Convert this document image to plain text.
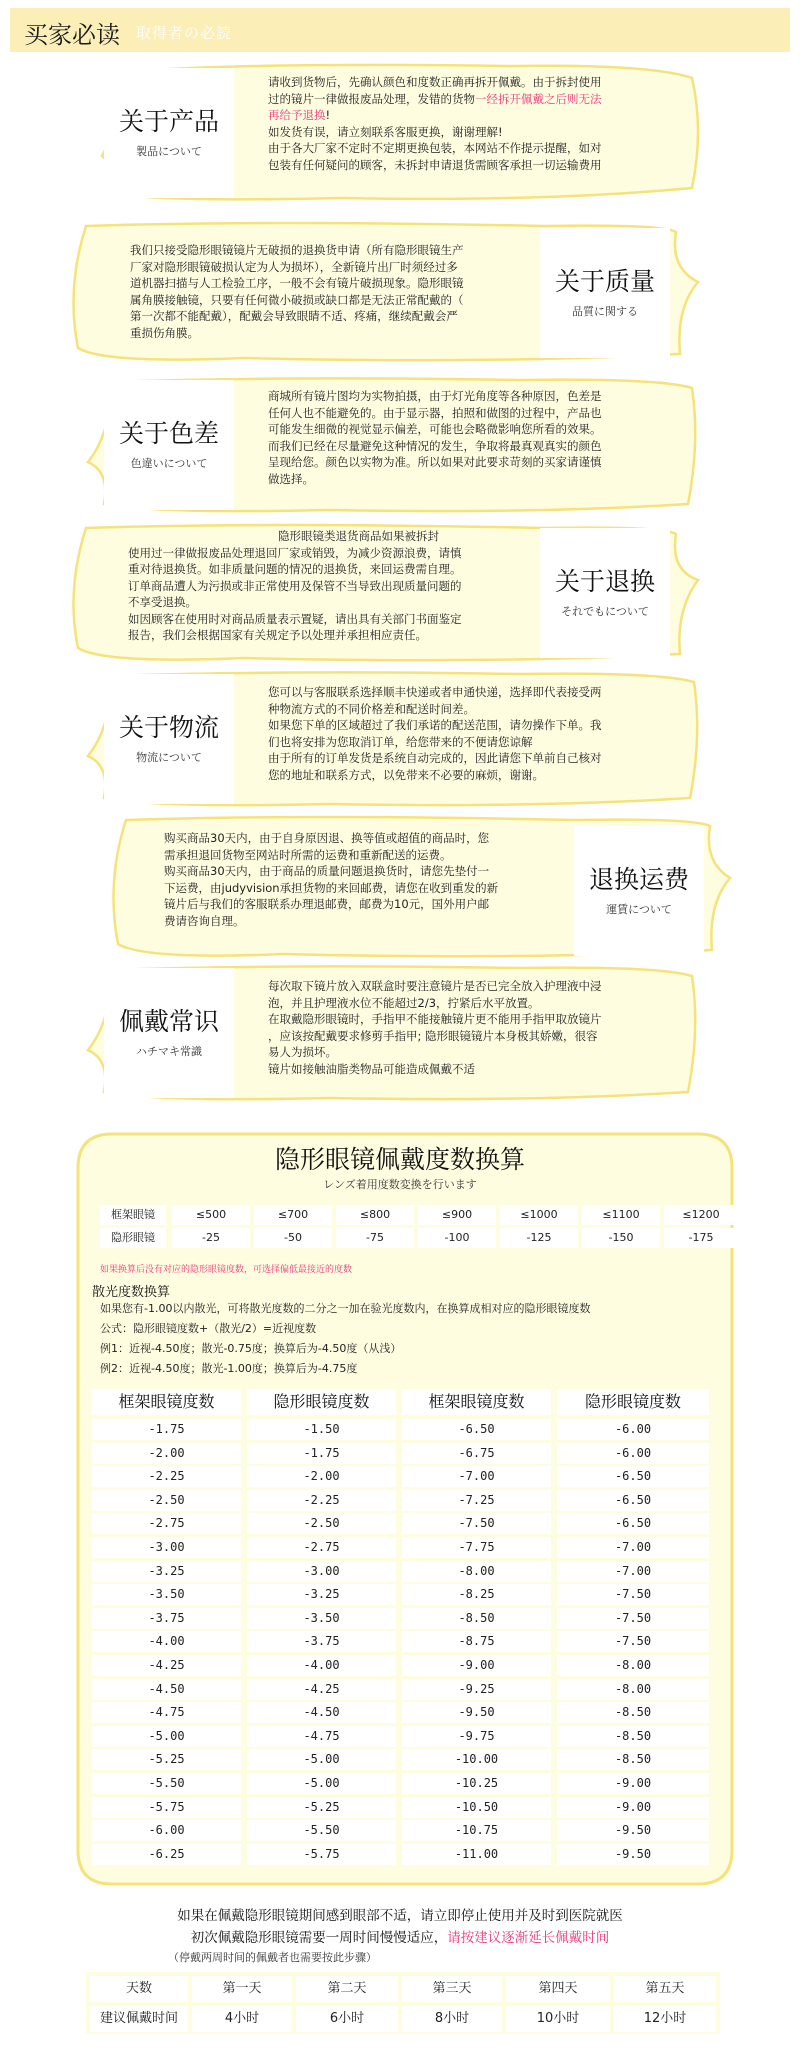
买家必读 取得者の必読
关于产品
製品について

请收到货物后，先确认颜色和度数正确再拆开佩戴。由于拆封使用

过的镜片一律做报废品处理，发错的货物一经拆开佩戴之后则无法

再给予退换!

如发货有误，请立刻联系客服更换，谢谢理解!

由于各大厂家不定时不定期更换包装，本网站不作提示提醒，如对

包装有任何疑问的顾客，未拆封申请退货需顾客承担一切运输费用

关于质量
品質に関する

我们只接受隐形眼镜镜片无破损的退换货申请（所有隐形眼镜生产

厂家对隐形眼镜破损认定为人为损坏），全新镜片出厂时须经过多

道机器扫描与人工检验工序，一般不会有镜片破损现象。隐形眼镜

属角膜接触镜，只要有任何微小破损或缺口都是无法正常配戴的（

第一次都不能配戴），配戴会导致眼睛不适、疼痛，继续配戴会严

重损伤角膜。

关于色差
色違いについて

商城所有镜片图均为实物拍摄，由于灯光角度等各种原因，色差是

任何人也不能避免的。由于显示器，拍照和做图的过程中，产品也

可能发生细微的视觉显示偏差，可能也会略微影响您所看的效果。

而我们已经在尽量避免这种情况的发生，争取将最真观真实的颜色

呈现给您。颜色以实物为准。所以如果对此要求苛刻的买家请谨慎

做选择。

关于退换
それでもについて

隐形眼镜类退货商品如果被拆封

使用过一律做报废品处理退回厂家或销毁，为减少资源浪费，请慎

重对待退换货。如非质量问题的情况的退换货，来回运费需自理。

订单商品遭人为污损或非正常使用及保管不当导致出现质量问题的

不享受退换。

如因顾客在使用时对商品质量表示置疑，请出具有关部门书面鉴定

报告，我们会根据国家有关规定予以处理并承担相应责任。

关于物流
物流について

您可以与客服联系选择顺丰快递或者申通快递，选择即代表接受两

种物流方式的不同价格差和配送时间差。

如果您下单的区域超过了我们承诺的配送范围，请勿操作下单。我

们也将安排为您取消订单，给您带来的不便请您谅解

由于所有的订单发货是系统自动完成的，因此请您下单前自己核对

您的地址和联系方式，以免带来不必要的麻烦，谢谢。

退换运费
運賃について

购买商品30天内，由于自身原因退、换等值或超值的商品时，您

需承担退回货物至网站时所需的运费和重新配送的运费。

购买商品30天内，由于商品的质量问题退换货时，请您先垫付一

下运费，由judyvision承担货物的来回邮费，请您在收到重发的新

镜片后与我们的客服联系办理退邮费，邮费为10元，国外用户邮

费请咨询自理。

佩戴常识
ハチマキ常識

每次取下镜片放入双联盒时要注意镜片是否已完全放入护理液中浸

泡，并且护理液水位不能超过2/3，拧紧后水平放置。

在取戴隐形眼镜时，手指甲不能接触镜片更不能用手指甲取放镜片

，应该按配戴要求修剪手指甲; 隐形眼镜镜片本身极其娇嫩，很容

易人为损坏。

镜片如接触油脂类物品可能造成佩戴不适

隐形眼镜佩戴度数换算
レンズ着用度数変換を行います
框架眼镜	≤500	≤700	≤800	≤900	≤1000	≤1100	≤1200
隐形眼镜	-25	-50	-75	-100	-125	-150	-175
如果换算后没有对应的隐形眼镜度数，可选择偏低最接近的度数
散光度数换算
如果您有-1.00以内散光，可将散光度数的二分之一加在验光度数内，在换算成相对应的隐形眼镜度数
公式：隐形眼镜度数+（散光/2）=近视度数
例1：近视-4.50度；散光-0.75度；换算后为-4.50度（从浅）
例2：近视-4.50度；散光-1.00度；换算后为-4.75度
框架眼镜度数	隐形眼镜度数	框架眼镜度数	隐形眼镜度数
-1.75	-1.50	-6.50	-6.00
-2.00	-1.75	-6.75	-6.00
-2.25	-2.00	-7.00	-6.50
-2.50	-2.25	-7.25	-6.50
-2.75	-2.50	-7.50	-6.50
-3.00	-2.75	-7.75	-7.00
-3.25	-3.00	-8.00	-7.00
-3.50	-3.25	-8.25	-7.50
-3.75	-3.50	-8.50	-7.50
-4.00	-3.75	-8.75	-7.50
-4.25	-4.00	-9.00	-8.00
-4.50	-4.25	-9.25	-8.00
-4.75	-4.50	-9.50	-8.50
-5.00	-4.75	-9.75	-8.50
-5.25	-5.00	-10.00	-8.50
-5.50	-5.00	-10.25	-9.00
-5.75	-5.25	-10.50	-9.00
-6.00	-5.50	-10.75	-9.50
-6.25	-5.75	-11.00	-9.50
如果在佩戴隐形眼镜期间感到眼部不适，请立即停止使用并及时到医院就医
初次佩戴隐形眼镜需要一周时间慢慢适应，请按建议逐渐延长佩戴时间
（停戴两周时间的佩戴者也需要按此步骤）
天数	第一天	第二天	第三天	第四天	第五天
建议佩戴时间	4小时	6小时	8小时	10小时	12小时
